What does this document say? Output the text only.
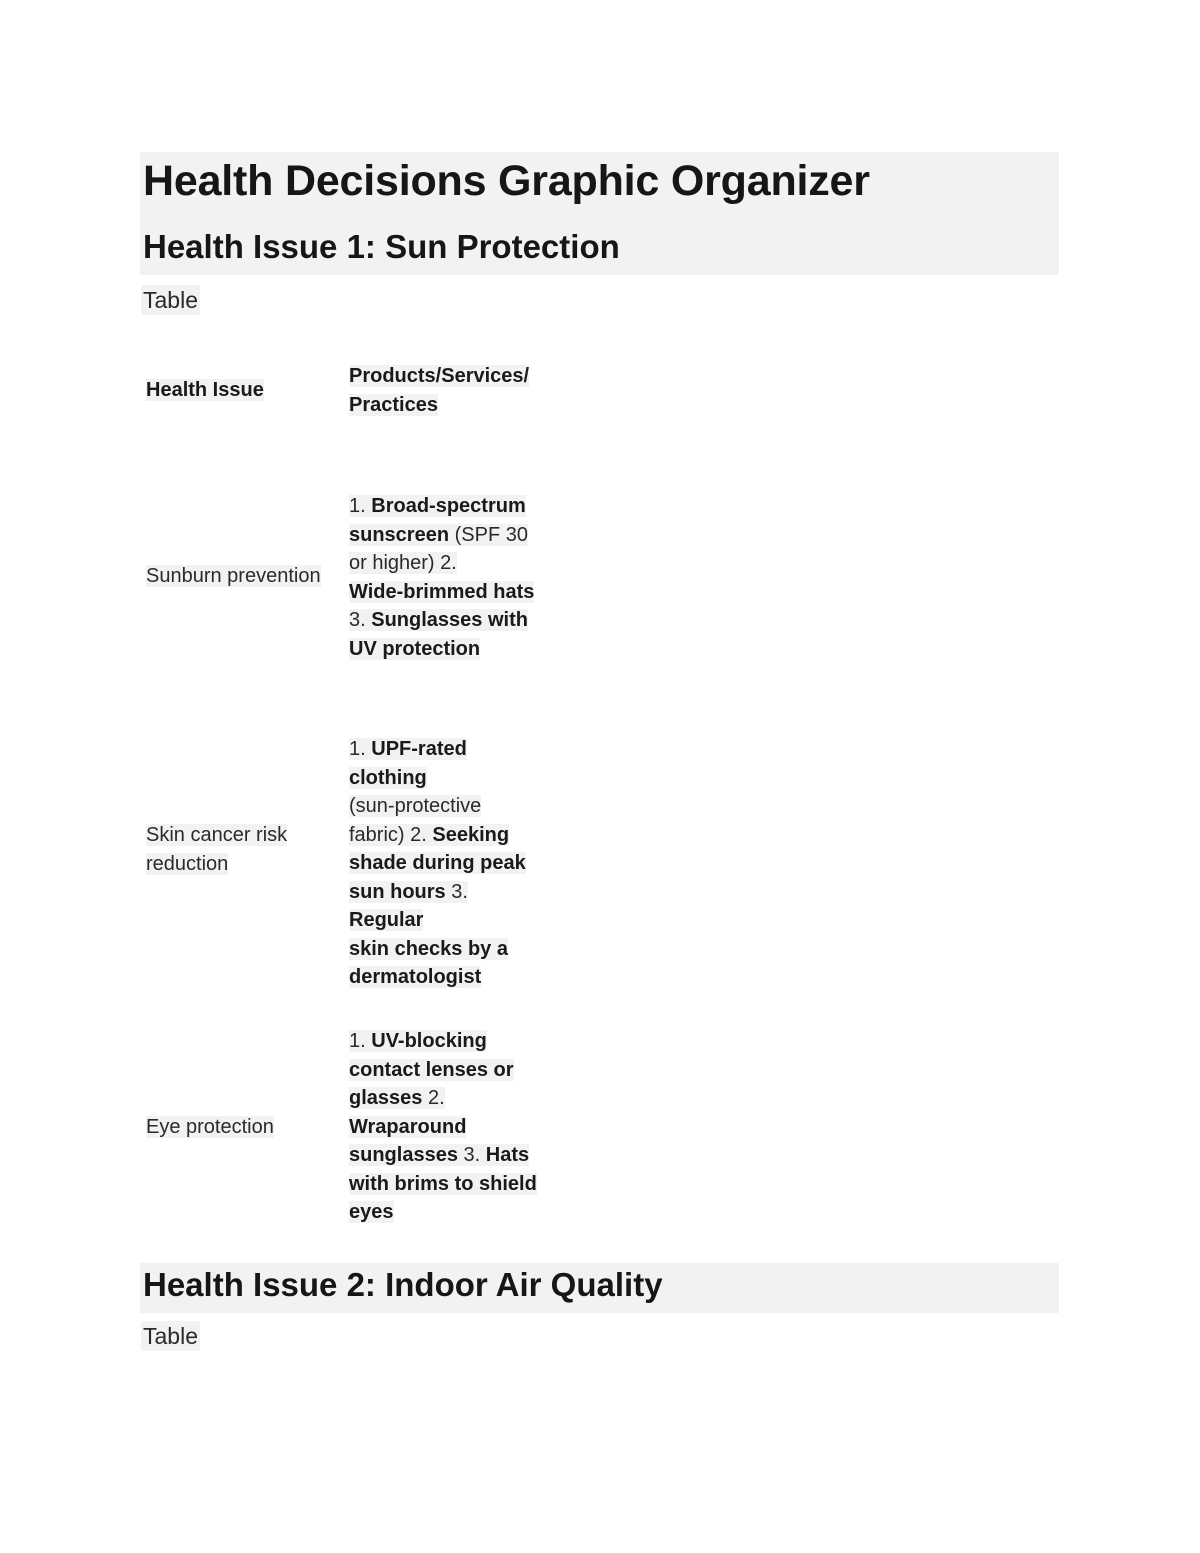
Health Decisions Graphic Organizer
Health Issue 1: Sun Protection
Table
Health Issue
Products/Services/
Practices
Sunburn prevention
1. Broad-spectrum
sunscreen (SPF 30
or higher) 2.
Wide-brimmed hats
3. Sunglasses with
UV protection
Skin cancer risk
reduction
1. UPF-rated
clothing
(sun-protective
fabric) 2. Seeking
shade during peak
sun hours 3. Regular
skin checks by a
dermatologist
Eye protection
1. UV-blocking
contact lenses or
glasses 2.
Wraparound
sunglasses 3. Hats
with brims to shield
eyes
Health Issue 2: Indoor Air Quality
Table
